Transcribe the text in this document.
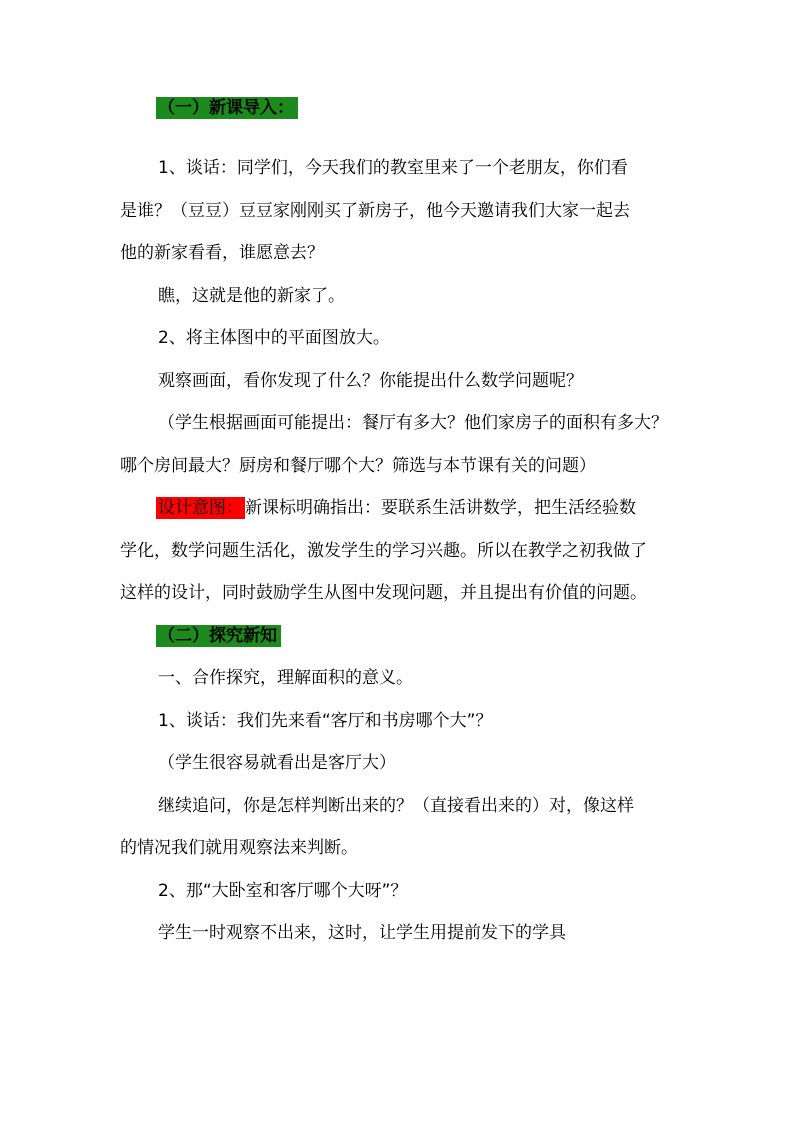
（一）新课导入：
1、谈话：同学们，今天我们的教室里来了一个老朋友，你们看
是谁？（豆豆）豆豆家刚刚买了新房子，他今天邀请我们大家一起去
他的新家看看，谁愿意去？
瞧，这就是他的新家了。
2、将主体图中的平面图放大。
观察画面，看你发现了什么？你能提出什么数学问题呢？
（学生根据画面可能提出：餐厅有多大？他们家房子的面积有多大？
哪个房间最大？厨房和餐厅哪个大？筛选与本节课有关的问题）
设计意图： 新课标明确指出：要联系生活讲数学，把生活经验数
学化，数学问题生活化，激发学生的学习兴趣。所以在教学之初我做了
这样的设计，同时鼓励学生从图中发现问题，并且提出有价值的问题。
（二）探究新知
一、合作探究，理解面积的意义。
1、谈话：我们先来看“客厅和书房哪个大”？
（学生很容易就看出是客厅大）
继续追问，你是怎样判断出来的？（直接看出来的）对，像这样
的情况我们就用观察法来判断。
2、那“大卧室和客厅哪个大呀”？
学生一时观察不出来，这时，让学生用提前发下的学具
